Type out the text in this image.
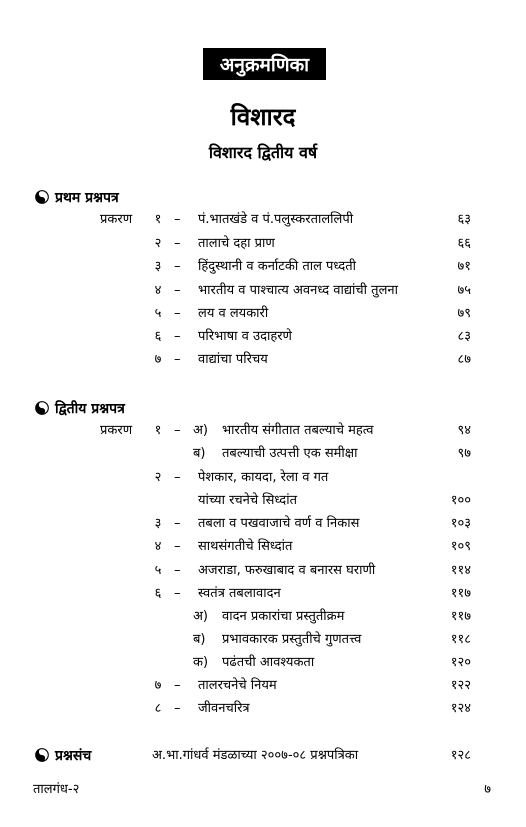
अनुक्रमणिका
विशारद
विशारद द्वितीय वर्ष
प्रथम प्रश्नपत्र
प्रकरण १ – पं.भातखंडे व पं.पलुस्करताललिपी	६३
२ – तालाचे दहा प्राण	६६
३ – हिंदुस्थानी व कर्नाटकी ताल पध्दती	७१
४ – भारतीय व पाश्चात्य अवनध्द वाद्यांची तुलना	७५
५ – लय व लयकारी	७९
६ – परिभाषा व उदाहरणे	८३
७ – वाद्यांचा परिचय	८७
द्वितीय प्रश्नपत्र
प्रकरण १ – अ) भारतीय संगीतात तबल्याचे महत्व	९४
ब) तबल्याची उत्पत्ती एक समीक्षा	९७
२ – पेशकार, कायदा, रेला व गत
यांच्या रचनेचे सिध्दांत	१००
३ – तबला व पखवाजाचे वर्ण व निकास	१०३
४ – साथसंगतीचे सिध्दांत	१०९
५ – अजराडा, फरुखाबाद व बनारस घराणी	११४
६ – स्वतंत्र तबलावादन	११७
अ) वादन प्रकारांचा प्रस्तुतीक्रम	११७
ब) प्रभावकारक प्रस्तुतीचे गुणतत्त्व	११८
क) पढंतची आवश्यकता	१२०
७ – तालरचनेचे नियम	१२२
८ – जीवनचरित्र	१२४
प्रश्नसंच	अ.भा.गांधर्व मंडळाच्या २००७-०८ प्रश्नपत्रिका	१२८
तालगंध-२	७
